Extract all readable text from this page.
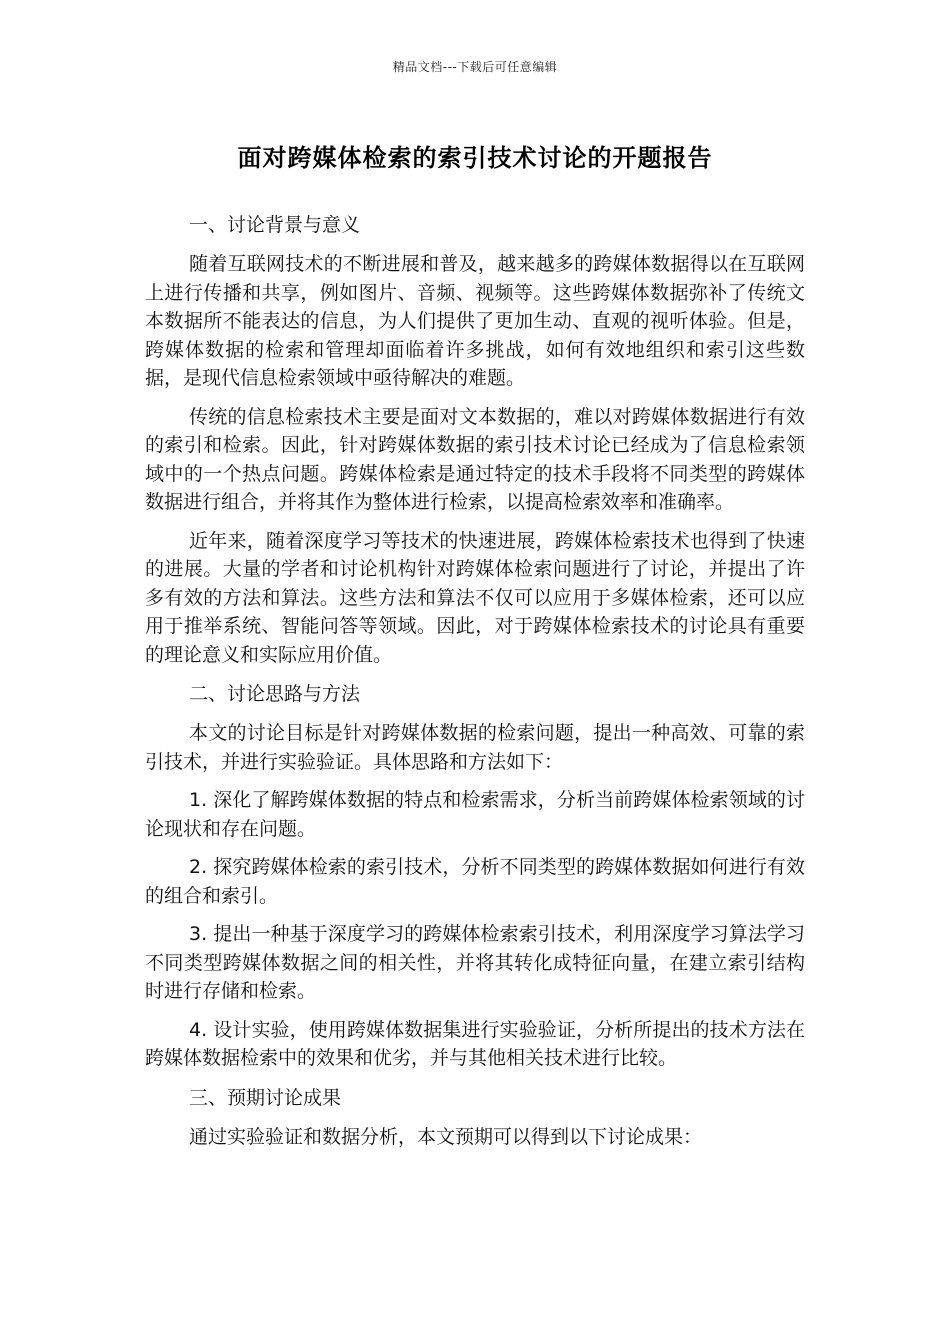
精品文档---下载后可任意编辑
面对跨媒体检索的索引技术讨论的开题报告

一、讨论背景与意义

随着互联网技术的不断进展和普及，越来越多的跨媒体数据得以在互联网上进行传播和共享，例如图片、音频、视频等。这些跨媒体数据弥补了传统文本数据所不能表达的信息，为人们提供了更加生动、直观的视听体验。但是，跨媒体数据的检索和管理却面临着许多挑战，如何有效地组织和索引这些数据，是现代信息检索领域中亟待解决的难题。

传统的信息检索技术主要是面对文本数据的，难以对跨媒体数据进行有效的索引和检索。因此，针对跨媒体数据的索引技术讨论已经成为了信息检索领域中的一个热点问题。跨媒体检索是通过特定的技术手段将不同类型的跨媒体数据进行组合，并将其作为整体进行检索，以提高检索效率和准确率。

近年来，随着深度学习等技术的快速进展，跨媒体检索技术也得到了快速的进展。大量的学者和讨论机构针对跨媒体检索问题进行了讨论，并提出了许多有效的方法和算法。这些方法和算法不仅可以应用于多媒体检索，还可以应用于推举系统、智能问答等领域。因此，对于跨媒体检索技术的讨论具有重要的理论意义和实际应用价值。

二、讨论思路与方法

本文的讨论目标是针对跨媒体数据的检索问题，提出一种高效、可靠的索引技术，并进行实验验证。具体思路和方法如下：

1. 深化了解跨媒体数据的特点和检索需求，分析当前跨媒体检索领域的讨论现状和存在问题。

2. 探究跨媒体检索的索引技术，分析不同类型的跨媒体数据如何进行有效的组合和索引。

3. 提出一种基于深度学习的跨媒体检索索引技术，利用深度学习算法学习不同类型跨媒体数据之间的相关性，并将其转化成特征向量，在建立索引结构时进行存储和检索。

4. 设计实验，使用跨媒体数据集进行实验验证，分析所提出的技术方法在跨媒体数据检索中的效果和优劣，并与其他相关技术进行比较。

三、预期讨论成果

通过实验验证和数据分析，本文预期可以得到以下讨论成果：
